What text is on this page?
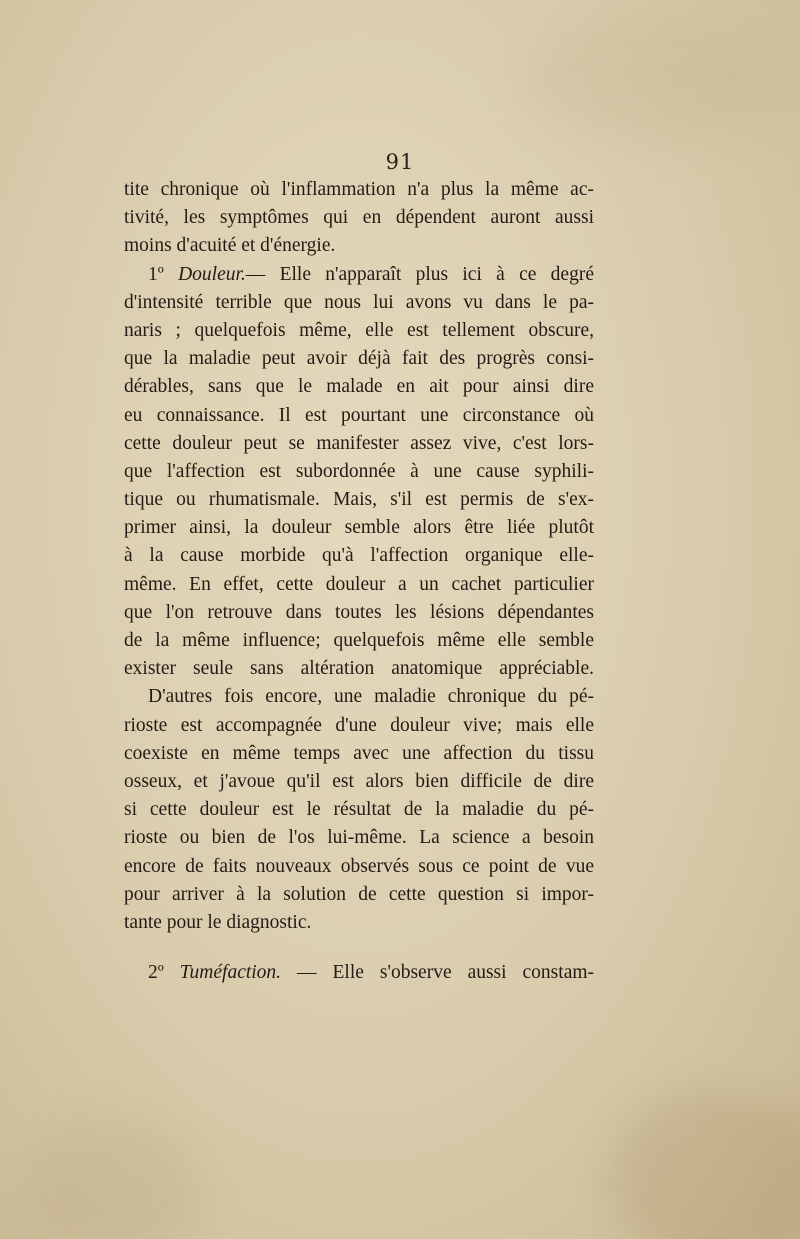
91
tite chronique où l'inflammation n'a plus la même ac-
tivité, les symptômes qui en dépendent auront aussi
moins d'acuité et d'énergie.
1º Douleur.— Elle n'apparaît plus ici à ce degré
d'intensité terrible que nous lui avons vu dans le pa-
naris ; quelquefois même, elle est tellement obscure,
que la maladie peut avoir déjà fait des progrès consi-
dérables, sans que le malade en ait pour ainsi dire
eu connaissance. Il est pourtant une circonstance où
cette douleur peut se manifester assez vive, c'est lors-
que l'affection est subordonnée à une cause syphili-
tique ou rhumatismale. Mais, s'il est permis de s'ex-
primer ainsi, la douleur semble alors être liée plutôt
à la cause morbide qu'à l'affection organique elle-
même. En effet, cette douleur a un cachet particulier
que l'on retrouve dans toutes les lésions dépendantes
de la même influence; quelquefois même elle semble
exister seule sans altération anatomique appréciable.
D'autres fois encore, une maladie chronique du pé-
rioste est accompagnée d'une douleur vive; mais elle
coexiste en même temps avec une affection du tissu
osseux, et j'avoue qu'il est alors bien difficile de dire
si cette douleur est le résultat de la maladie du pé-
rioste ou bien de l'os lui-même. La science a besoin
encore de faits nouveaux observés sous ce point de vue
pour arriver à la solution de cette question si impor-
tante pour le diagnostic.
2º Tuméfaction. — Elle s'observe aussi constam-
